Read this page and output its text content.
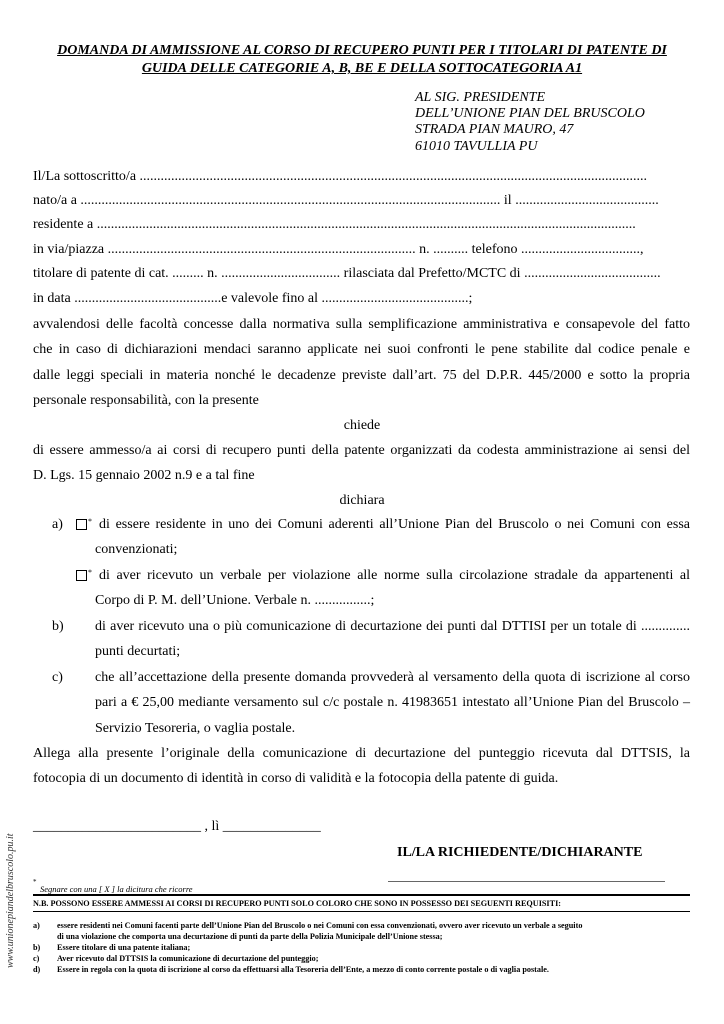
DOMANDA DI AMMISSIONE AL CORSO DI RECUPERO PUNTI PER I TITOLARI DI PATENTE DI
GUIDA DELLE CATEGORIE A, B, BE E DELLA SOTTOCATEGORIA A1
AL SIG. PRESIDENTE
DELL’UNIONE PIAN DEL BRUSCOLO
STRADA PIAN MAURO, 47
61010 TAVULLIA PU
Il/La sottoscritto/a .................................................................................................................................................
nato/a a ........................................................................................................................ il .........................................
residente a ..........................................................................................................................................................
in via/piazza ........................................................................................ n. .......... telefono ..................................,
titolare di patente di cat. ......... n. .................................. rilasciata dal Prefetto/MCTC di .......................................
in data ..........................................e valevole fino al ..........................................;
avvalendosi delle facoltà concesse dalla normativa sulla semplificazione amministrativa e consapevole del fatto
che in caso di dichiarazioni mendaci saranno applicate nei suoi confronti le pene stabilite dal codice penale e
dalle leggi speciali in materia nonché le decadenze previste dall’art. 75 del D.P.R. 445/2000 e sotto la propria
personale responsabilità, con la presente
chiede
di essere ammesso/a ai corsi di recupero punti della patente organizzati da codesta amministrazione ai sensi del
D. Lgs. 15 gennaio 2002 n.9 e a tal fine
dichiara
a)	* di essere residente in uno dei Comuni aderenti all’Unione Pian del Bruscolo o nei Comuni con essa
convenzionati;
* di aver ricevuto un verbale per violazione alle norme sulla circolazione stradale da appartenenti al
Corpo di P. M. dell’Unione. Verbale n. ................;
b) di aver ricevuto una o più comunicazione di decurtazione dei punti dal DTTISI per un totale di ..............
punti decurtati;
c) che all’accettazione della presente domanda provvederà al versamento della quota di iscrizione al corso
pari a € 25,00 mediante versamento sul c/c postale n. 41983651 intestato all’Unione Pian del Bruscolo –
Servizio Tesoreria, o vaglia postale.
Allega alla presente l’originale della comunicazione di decurtazione del punteggio ricevuta dal DTTSIS, la
fotocopia di un documento di identità in corso di validità e la fotocopia della patente di guida.
________________________ , lì ______________
IL/LA RICHIEDENTE/DICHIARANTE
*
Segnare con una [ X ] la dicitura che ricorre
N.B. POSSONO ESSERE AMMESSI AI CORSI DI RECUPERO PUNTI SOLO COLORO CHE SONO IN POSSESSO DEI SEGUENTI REQUISITI:
a) essere residenti nei Comuni facenti parte dell’Unione Pian del Bruscolo o nei Comuni con essa convenzionati, ovvero aver ricevuto un verbale a seguito
di una violazione che comporta una decurtazione di punti da parte della Polizia Municipale dell’Unione stessa;
b) Essere titolare di una patente italiana;
c) Aver ricevuto dal DTTSIS la comunicazione di decurtazione del punteggio;
d) Essere in regola con la quota di iscrizione al corso da effettuarsi alla Tesoreria dell’Ente, a mezzo di conto corrente postale o di vaglia postale.
www.unionepiandelbruscolo.pu.it
